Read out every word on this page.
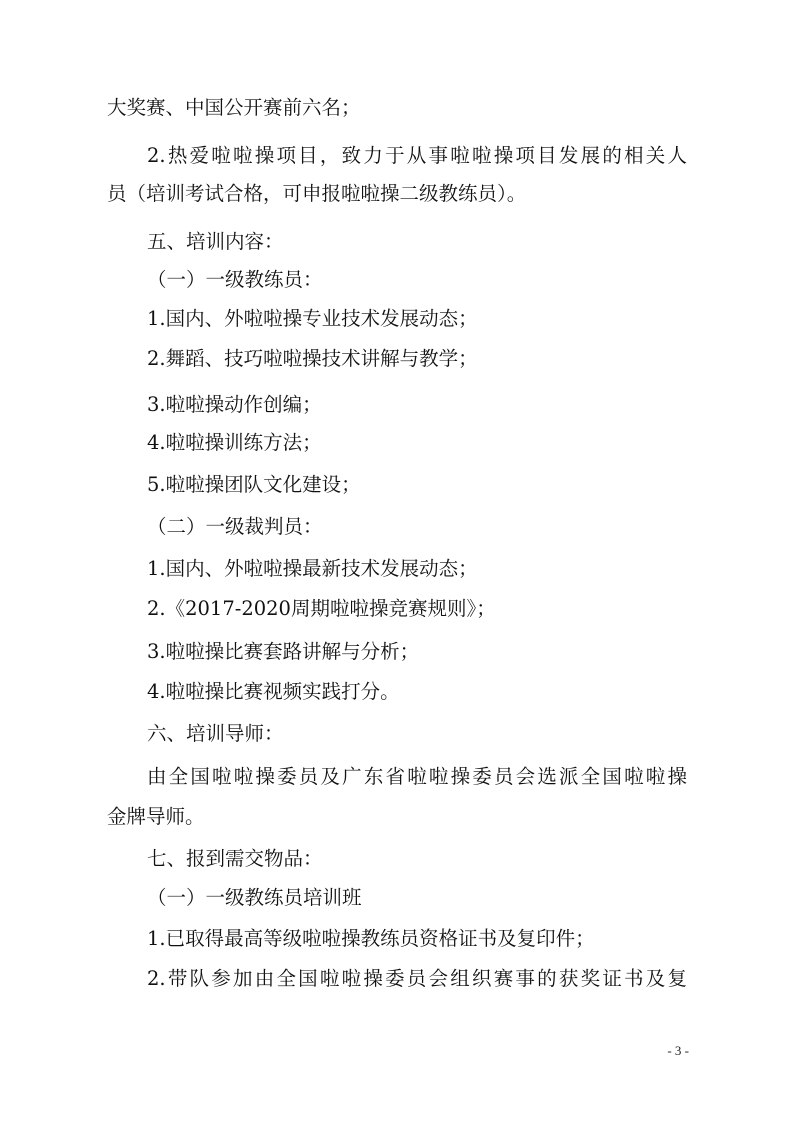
大奖赛、中国公开赛前六名；
2.热爱啦啦操项目，致力于从事啦啦操项目发展的相关人
员（培训考试合格，可申报啦啦操二级教练员）。
五、培训内容：
（一）一级教练员：
1.国内、外啦啦操专业技术发展动态；
2.舞蹈、技巧啦啦操技术讲解与教学；
3.啦啦操动作创编；
4.啦啦操训练方法；
5.啦啦操团队文化建设；
（二）一级裁判员：
1.国内、外啦啦操最新技术发展动态；
2.《2017-2020周期啦啦操竞赛规则》；
3.啦啦操比赛套路讲解与分析；
4.啦啦操比赛视频实践打分。
六、培训导师：
由全国啦啦操委员及广东省啦啦操委员会选派全国啦啦操
金牌导师。
七、报到需交物品：
（一）一级教练员培训班
1.已取得最高等级啦啦操教练员资格证书及复印件；
2.带队参加由全国啦啦操委员会组织赛事的获奖证书及复
- 3 -
